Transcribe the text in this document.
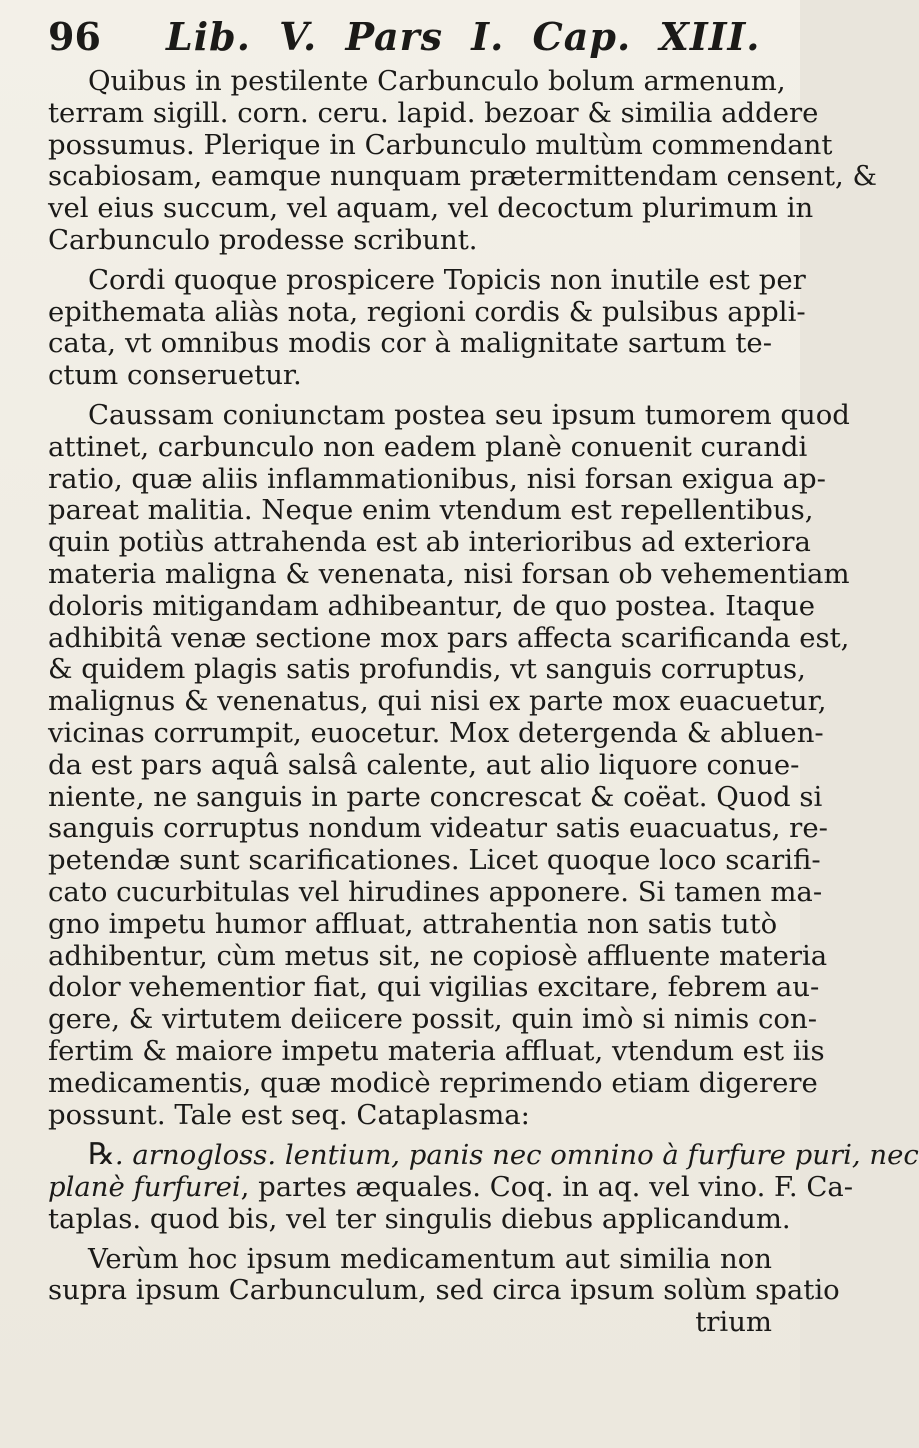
96	Lib. V. Pars I. Cap. XIII.
Quibus in pestilente Carbunculo bolum armenum,
terram sigill. corn. ceru. lapid. bezoar & similia addere
possumus. Plerique in Carbunculo multùm commendant
scabiosam, eamque nunquam prætermittendam censent, &
vel eius succum, vel aquam, vel decoctum plurimum in
Carbunculo prodesse scribunt.
Cordi quoque prospicere Topicis non inutile est per
epithemata aliàs nota, regioni cordis & pulsibus appli-
cata, vt omnibus modis cor à malignitate sartum te-
ctum conseruetur.
Caussam coniunctam postea seu ipsum tumorem quod
attinet, carbunculo non eadem planè conuenit curandi
ratio, quæ aliis inflammationibus, nisi forsan exigua ap-
pareat malitia. Neque enim vtendum est repellentibus,
quin potiùs attrahenda est ab interioribus ad exteriora
materia maligna & venenata, nisi forsan ob vehementiam
doloris mitigandam adhibeantur, de quo postea. Itaque
adhibitâ venæ sectione mox pars affecta scarificanda est,
& quidem plagis satis profundis, vt sanguis corruptus,
malignus & venenatus, qui nisi ex parte mox euacuetur,
vicinas corrumpit, euocetur. Mox detergenda & abluen-
da est pars aquâ salsâ calente, aut alio liquore conue-
niente, ne sanguis in parte concrescat & coëat. Quod si
sanguis corruptus nondum videatur satis euacuatus, re-
petendæ sunt scarificationes. Licet quoque loco scarifi-
cato cucurbitulas vel hirudines apponere. Si tamen ma-
gno impetu humor affluat, attrahentia non satis tutò
adhibentur, cùm metus sit, ne copiosè affluente materia
dolor vehementior fiat, qui vigilias excitare, febrem au-
gere, & virtutem deiicere possit, quin imò si nimis con-
fertim & maiore impetu materia affluat, vtendum est iis
medicamentis, quæ modicè reprimendo etiam digerere
possunt. Tale est seq. Cataplasma:
℞. arnogloss. lentium, panis nec omnino à furfure puri, nec
planè furfurei, partes æquales. Coq. in aq. vel vino. F. Ca-
taplas. quod bis, vel ter singulis diebus applicandum.
Verùm hoc ipsum medicamentum aut similia non
supra ipsum Carbunculum, sed circa ipsum solùm spatio
trium
